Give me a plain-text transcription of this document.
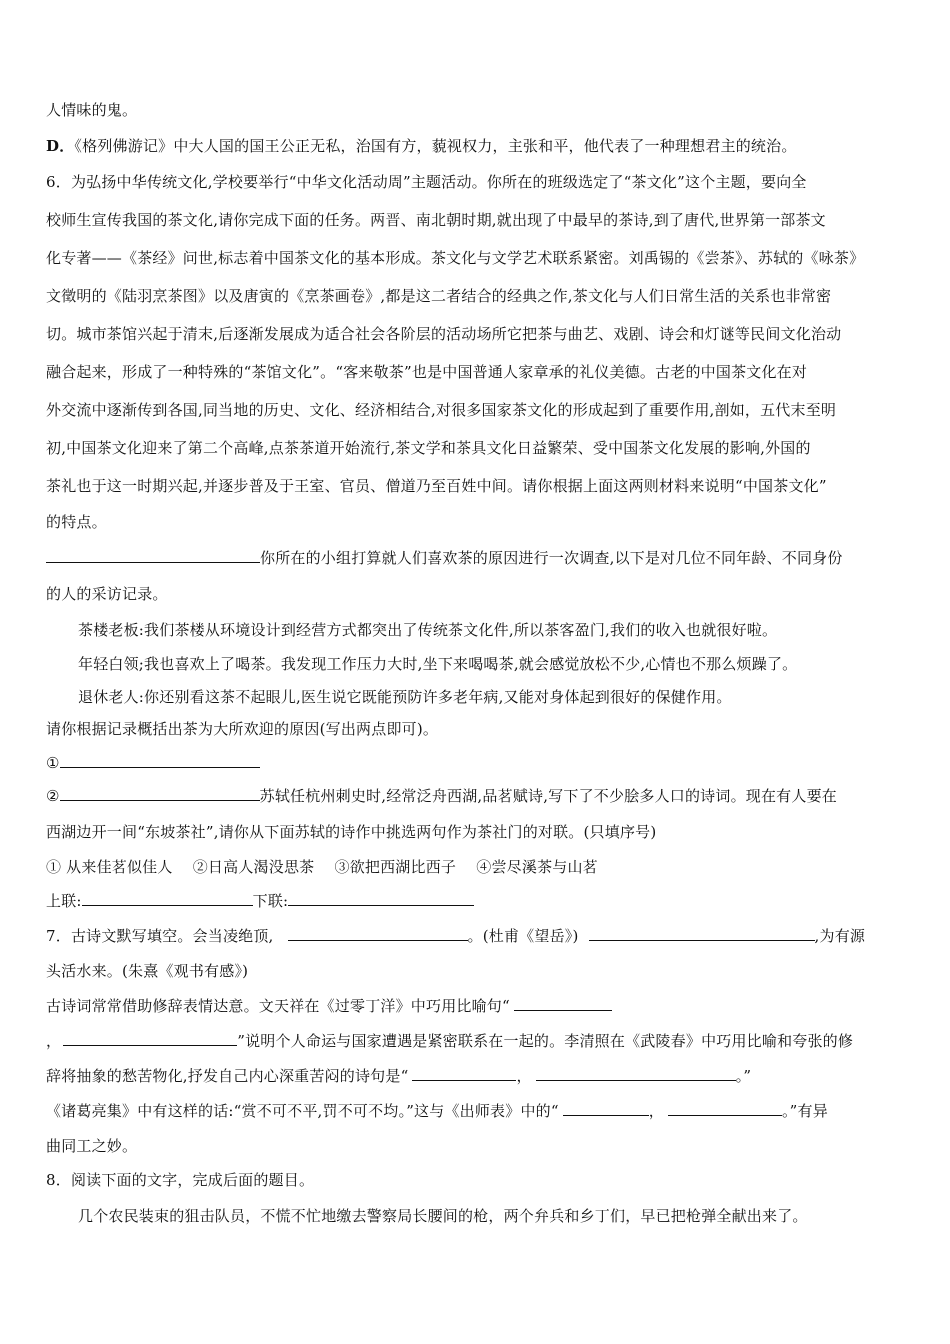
人情味的鬼。
D．《格列佛游记》中大人国的国王公正无私，治国有方，藐视权力，主张和平，他代表了一种理想君主的统治。
6．为弘扬中华传统文化,学校要举行“中华文化活动周”主题活动。你所在的班级选定了“茶文化”这个主题，要向全
校师生宣传我国的茶文化,请你完成下面的任务。两晋、南北朝时期,就出现了中最早的茶诗,到了唐代,世界第一部茶文
化专著——《茶经》问世,标志着中国茶文化的基本形成。茶文化与文学艺术联系紧密。刘禹锡的《尝茶》、苏轼的《咏茶》
文徵明的《陆羽烹茶图》以及唐寅的《烹茶画卷》,都是这二者结合的经典之作,茶文化与人们日常生活的关系也非常密
切。城市茶馆兴起于清末,后逐渐发展成为适合社会各阶层的活动场所它把茶与曲艺、戏剧、诗会和灯谜等民间文化治动
融合起来，形成了一种特殊的“茶馆文化”。“客来敬茶”也是中国普通人家章承的礼仪美德。古老的中国茶文化在对
外交流中逐渐传到各国,同当地的历史、文化、经济相结合,对很多国家茶文化的形成起到了重要作用,剖如，五代末至明
初,中国茶文化迎来了第二个高峰,点茶茶道开始流行,茶文学和茶具文化日益繁荣、受中国茶文化发展的影响,外国的
茶礼也于这一时期兴起,并逐步普及于王室、官员、僧道乃至百姓中间。请你根据上面这两则材料来说明“中国茶文化”
的特点。
你所在的小组打算就人们喜欢茶的原因进行一次调查,以下是对几位不同年龄、不同身份
的人的采访记录。
茶楼老板:我们茶楼从环境设计到经营方式都突出了传统茶文化件,所以茶客盈门,我们的收入也就很好啦。
年轻白领;我也喜欢上了喝茶。我发现工作压力大时,坐下来喝喝茶,就会感觉放松不少,心情也不那么烦躁了。
退休老人:你还别看这茶不起眼儿,医生说它既能预防许多老年病,又能对身体起到很好的保健作用。
请你根据记录概括出茶为大所欢迎的原因(写出两点即可)。
①
②	苏轼任杭州刺史时,经常泛舟西湖,品茗赋诗,写下了不少脍多人口的诗词。现在有人要在
西湖边开一间“东坡茶社”,请你从下面苏轼的诗作中挑选两句作为茶社门的对联。(只填序号)
① 从来佳茗似佳人　 ②日高人渴没思茶　 ③欲把西湖比西子　 ④尝尽溪茶与山茗
上联:	下联:
7．古诗文默写填空。会当凌绝顶,	。(杜甫《望岳》)	,为有源
头活水来。(朱熹《观书有感》)
古诗词常常借助修辞表情达意。文天祥在《过零丁洋》中巧用比喻句“
，	”说明个人命运与国家遭遇是紧密联系在一起的。李清照在《武陵春》中巧用比喻和夸张的修
辞将抽象的愁苦物化,抒发自己内心深重苦闷的诗句是“	，	。”
《诸葛亮集》中有这样的话:“赏不可不平,罚不可不均。”这与《出师表》中的“	，	。”有异
曲同工之妙。
8．阅读下面的文字，完成后面的题目。
几个农民装束的狙击队员，不慌不忙地缴去警察局长腰间的枪，两个弁兵和乡丁们，早已把枪弹全献出来了。
